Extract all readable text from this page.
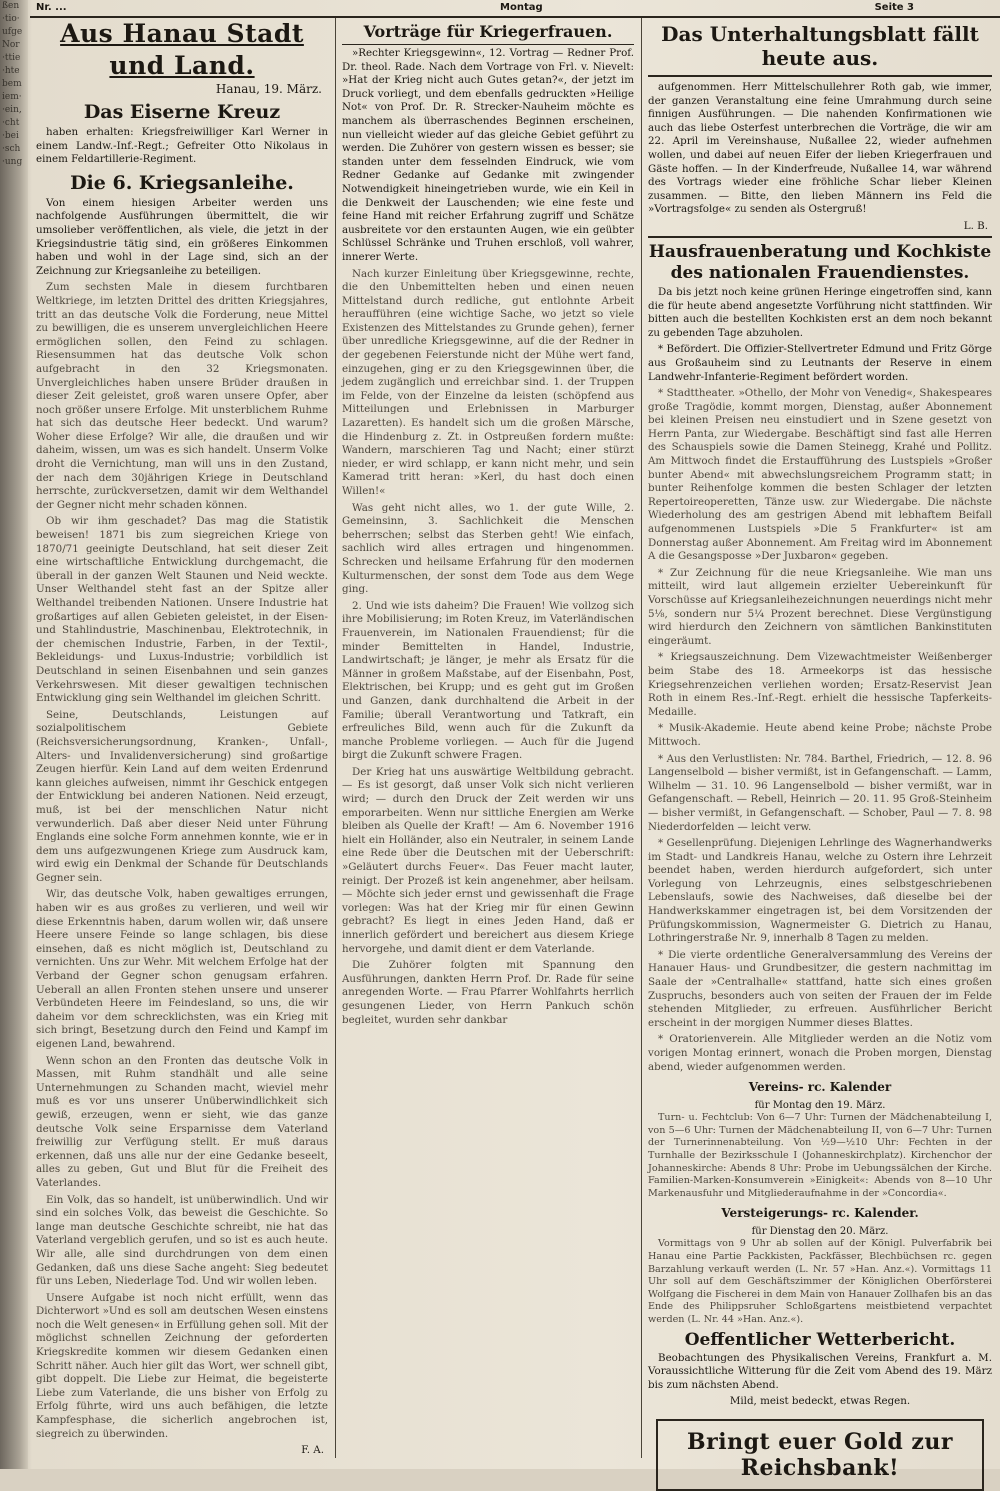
ßen
·tio·
ufge
Nor
·ttie
·hte
bem
iem·
·ein,
·cht
·bei
·sch
·ung
Nr. ...	Montag	Seite 3
Aus Hanau Stadt und Land.
Hanau, 19. März.
Das Eiserne Kreuz

haben erhalten: Kriegsfreiwilliger Karl Werner in einem Landw.-Inf.-Regt.; Gefreiter Otto Nikolaus in einem Feldartillerie-Regiment.

Die 6. Kriegsanleihe.

Von einem hiesigen Arbeiter werden uns nachfolgende Ausführungen übermittelt, die wir umsolieber veröffentlichen, als viele, die jetzt in der Kriegsindustrie tätig sind, ein größeres Einkommen haben und wohl in der Lage sind, sich an der Zeichnung zur Kriegsanleihe zu beteiligen.

Zum sechsten Male in diesem furchtbaren Weltkriege, im letzten Drittel des dritten Kriegsjahres, tritt an das deutsche Volk die Forderung, neue Mittel zu bewilligen, die es unserem unvergleichlichen Heere ermöglichen sollen, den Feind zu schlagen. Riesensummen hat das deutsche Volk schon aufgebracht in den 32 Kriegsmonaten. Unvergleichliches haben unsere Brüder draußen in dieser Zeit geleistet, groß waren unsere Opfer, aber noch größer unsere Erfolge. Mit unsterblichem Ruhme hat sich das deutsche Heer bedeckt. Und warum? Woher diese Erfolge? Wir alle, die draußen und wir daheim, wissen, um was es sich handelt. Unserm Volke droht die Vernichtung, man will uns in den Zustand, der nach dem 30jährigen Kriege in Deutschland herrschte, zurückversetzen, damit wir dem Welthandel der Gegner nicht mehr schaden können.

Ob wir ihm geschadet? Das mag die Statistik beweisen! 1871 bis zum siegreichen Kriege von 1870/71 geeinigte Deutschland, hat seit dieser Zeit eine wirtschaftliche Entwicklung durchgemacht, die überall in der ganzen Welt Staunen und Neid weckte. Unser Welthandel steht fast an der Spitze aller Welthandel treibenden Nationen. Unsere Industrie hat großartiges auf allen Gebieten geleistet, in der Eisen- und Stahlindustrie, Maschinenbau, Elektrotechnik, in der chemischen Industrie, Farben, in der Textil-, Bekleidungs- und Luxus-Industrie; vorbildlich ist Deutschland in seinen Eisenbahnen und sein ganzes Verkehrswesen. Mit dieser gewaltigen technischen Entwicklung ging sein Welthandel im gleichen Schritt.

Seine, Deutschlands, Leistungen auf sozialpolitischem Gebiete (Reichsversicherungsordnung, Kranken-, Unfall-, Alters- und Invalidenversicherung) sind großartige Zeugen hierfür. Kein Land auf dem weiten Erdenrund kann gleiches aufweisen, nimmt ihr Geschick entgegen der Entwicklung bei anderen Nationen. Neid erzeugt, muß, ist bei der menschlichen Natur nicht verwunderlich. Daß aber dieser Neid unter Führung Englands eine solche Form annehmen konnte, wie er in dem uns aufgezwungenen Kriege zum Ausdruck kam, wird ewig ein Denkmal der Schande für Deutschlands Gegner sein.

Wir, das deutsche Volk, haben gewaltiges errungen, haben wir es aus großes zu verlieren, und weil wir diese Erkenntnis haben, darum wollen wir, daß unsere Heere unsere Feinde so lange schlagen, bis diese einsehen, daß es nicht möglich ist, Deutschland zu vernichten. Uns zur Wehr. Mit welchem Erfolge hat der Verband der Gegner schon genugsam erfahren. Ueberall an allen Fronten stehen unsere und unserer Verbündeten Heere im Feindesland, so uns, die wir daheim vor dem schrecklichsten, was ein Krieg mit sich bringt, Besetzung durch den Feind und Kampf im eigenen Land, bewahrend.

Wenn schon an den Fronten das deutsche Volk in Massen, mit Ruhm standhält und alle seine Unternehmungen zu Schanden macht, wieviel mehr muß es vor uns unserer Unüberwindlichkeit sich gewiß, erzeugen, wenn er sieht, wie das ganze deutsche Volk seine Ersparnisse dem Vaterland freiwillig zur Verfügung stellt. Er muß daraus erkennen, daß uns alle nur der eine Gedanke beseelt, alles zu geben, Gut und Blut für die Freiheit des Vaterlandes.

Ein Volk, das so handelt, ist unüberwindlich. Und wir sind ein solches Volk, das beweist die Geschichte. So lange man deutsche Geschichte schreibt, nie hat das Vaterland vergeblich gerufen, und so ist es auch heute. Wir alle, alle sind durchdrungen von dem einen Gedanken, daß uns diese Sache angeht: Sieg bedeutet für uns Leben, Niederlage Tod. Und wir wollen leben.

Unsere Aufgabe ist noch nicht erfüllt, wenn das Dichterwort »Und es soll am deutschen Wesen einstens noch die Welt genesen« in Erfüllung gehen soll. Mit der möglichst schnellen Zeichnung der geforderten Kriegskredite kommen wir diesem Gedanken einen Schritt näher. Auch hier gilt das Wort, wer schnell gibt, gibt doppelt. Die Liebe zur Heimat, die begeisterte Liebe zum Vaterlande, die uns bisher von Erfolg zu Erfolg führte, wird uns auch befähigen, die letzte Kampfesphase, die sicherlich angebrochen ist, siegreich zu überwinden.

F. A.
Vorträge für Kriegerfrauen.

»Rechter Kriegsgewinn«, 12. Vortrag — Redner Prof. Dr. theol. Rade. Nach dem Vortrage von Frl. v. Nievelt: »Hat der Krieg nicht auch Gutes getan?«, der jetzt im Druck vorliegt, und dem ebenfalls gedruckten »Heilige Not« von Prof. Dr. R. Strecker-Nauheim möchte es manchem als überraschendes Beginnen erscheinen, nun vielleicht wieder auf das gleiche Gebiet geführt zu werden. Die Zuhörer von gestern wissen es besser; sie standen unter dem fesselnden Eindruck, wie vom Redner Gedanke auf Gedanke mit zwingender Notwendigkeit hineingetrieben wurde, wie ein Keil in die Denkweit der Lauschenden; wie eine feste und feine Hand mit reicher Erfahrung zugriff und Schätze ausbreitete vor den erstaunten Augen, wie ein geübter Schlüssel Schränke und Truhen erschloß, voll wahrer, innerer Werte.

Nach kurzer Einleitung über Kriegsgewinne, rechte, die den Unbemittelten heben und einen neuen Mittelstand durch redliche, gut entlohnte Arbeit heraufführen (eine wichtige Sache, wo jetzt so viele Existenzen des Mittelstandes zu Grunde gehen), ferner über unredliche Kriegsgewinne, auf die der Redner in der gegebenen Feierstunde nicht der Mühe wert fand, einzugehen, ging er zu den Kriegsgewinnen über, die jedem zugänglich und erreichbar sind. 1. der Truppen im Felde, von der Einzelne da leisten (schöpfend aus Mitteilungen und Erlebnissen in Marburger Lazaretten). Es handelt sich um die großen Märsche, die Hindenburg z. Zt. in Ostpreußen fordern mußte: Wandern, marschieren Tag und Nacht; einer stürzt nieder, er wird schlapp, er kann nicht mehr, und sein Kamerad tritt heran: »Kerl, du hast doch einen Willen!«

Was geht nicht alles, wo 1. der gute Wille, 2. Gemeinsinn, 3. Sachlichkeit die Menschen beherrschen; selbst das Sterben geht! Wie einfach, sachlich wird alles ertragen und hingenommen. Schrecken und heilsame Erfahrung für den modernen Kulturmenschen, der sonst dem Tode aus dem Wege ging.

2. Und wie ists daheim? Die Frauen! Wie vollzog sich ihre Mobilisierung; im Roten Kreuz, im Vaterländischen Frauenverein, im Nationalen Frauendienst; für die minder Bemittelten in Handel, Industrie, Landwirtschaft; je länger, je mehr als Ersatz für die Männer in großem Maßstabe, auf der Eisenbahn, Post, Elektrischen, bei Krupp; und es geht gut im Großen und Ganzen, dank durchhaltend die Arbeit in der Familie; überall Verantwortung und Tatkraft, ein erfreuliches Bild, wenn auch für die Zukunft da manche Probleme vorliegen. — Auch für die Jugend birgt die Zukunft schwere Fragen.

Der Krieg hat uns auswärtige Weltbildung gebracht. — Es ist gesorgt, daß unser Volk sich nicht verlieren wird; — durch den Druck der Zeit werden wir uns emporarbeiten. Wenn nur sittliche Energien am Werke bleiben als Quelle der Kraft! — Am 6. November 1916 hielt ein Holländer, also ein Neutraler, in seinem Lande eine Rede über die Deutschen mit der Ueberschrift: »Geläutert durchs Feuer«. Das Feuer macht lauter, reinigt. Der Prozeß ist kein angenehmer, aber heilsam. — Möchte sich jeder ernst und gewissenhaft die Frage vorlegen: Was hat der Krieg mir für einen Gewinn gebracht? Es liegt in eines Jeden Hand, daß er innerlich gefördert und bereichert aus diesem Kriege hervorgehe, und damit dient er dem Vaterlande.

Die Zuhörer folgten mit Spannung den Ausführungen, dankten Herrn Prof. Dr. Rade für seine anregenden Worte. — Frau Pfarrer Wohlfahrts herrlich gesungenen Lieder, von Herrn Pankuch schön begleitet, wurden sehr dankbar

Das Unterhaltungsblatt fällt heute aus.

aufgenommen. Herr Mittelschullehrer Roth gab, wie immer, der ganzen Veranstaltung eine feine Umrahmung durch seine finnigen Ausführungen. — Die nahenden Konfirmationen wie auch das liebe Osterfest unterbrechen die Vorträge, die wir am 22. April im Vereinshause, Nußallee 22, wieder aufnehmen wollen, und dabei auf neuen Eifer der lieben Kriegerfrauen und Gäste hoffen. — In der Kinderfreude, Nußallee 14, war während des Vortrags wieder eine fröhliche Schar lieber Kleinen zusammen. — Bitte, den lieben Männern ins Feld die »Vortragsfolge« zu senden als Ostergruß!

L. B.
Hausfrauenberatung und Kochkiste des nationalen Frauendienstes.

Da bis jetzt noch keine grünen Heringe eingetroffen sind, kann die für heute abend angesetzte Vorführung nicht stattfinden. Wir bitten auch die bestellten Kochkisten erst an dem noch bekannt zu gebenden Tage abzuholen.

* Befördert. Die Offizier-Stellvertreter Edmund und Fritz Görge aus Großauheim sind zu Leutnants der Reserve in einem Landwehr-Infanterie-Regiment befördert worden.

* Stadttheater. »Othello, der Mohr von Venedig«, Shakespeares große Tragödie, kommt morgen, Dienstag, außer Abonnement bei kleinen Preisen neu einstudiert und in Szene gesetzt von Herrn Panta, zur Wiedergabe. Beschäftigt sind fast alle Herren des Schauspiels sowie die Damen Steinegg, Krahé und Pollitz. Am Mittwoch findet die Erstaufführung des Lustspiels »Großer bunter Abend« mit abwechslungsreichem Programm statt; in bunter Reihenfolge kommen die besten Schlager der letzten Repertoireoperetten, Tänze usw. zur Wiedergabe. Die nächste Wiederholung des am gestrigen Abend mit lebhaftem Beifall aufgenommenen Lustspiels »Die 5 Frankfurter« ist am Donnerstag außer Abonnement. Am Freitag wird im Abonnement A die Gesangsposse »Der Juxbaron« gegeben.

* Zur Zeichnung für die neue Kriegsanleihe. Wie man uns mitteilt, wird laut allgemein erzielter Uebereinkunft für Vorschüsse auf Kriegsanleihezeichnungen neuerdings nicht mehr 5⅛, sondern nur 5¼ Prozent berechnet. Diese Vergünstigung wird hierdurch den Zeichnern von sämtlichen Bankinstituten eingeräumt.

* Kriegsauszeichnung. Dem Vizewachtmeister Weißenberger beim Stabe des 18. Armeekorps ist das hessische Kriegsehrenzeichen verliehen worden; Ersatz-Reservist Jean Roth in einem Res.-Inf.-Regt. erhielt die hessische Tapferkeits-Medaille.

* Musik-Akademie. Heute abend keine Probe; nächste Probe Mittwoch.

* Aus den Verlustlisten: Nr. 784. Barthel, Friedrich, — 12. 8. 96 Langenselbold — bisher vermißt, ist in Gefangenschaft. — Lamm, Wilhelm — 31. 10. 96 Langenselbold — bisher vermißt, war in Gefangenschaft. — Rebell, Heinrich — 20. 11. 95 Groß-Steinheim — bisher vermißt, in Gefangenschaft. — Schober, Paul — 7. 8. 98 Niederdorfelden — leicht verw.

* Gesellenprüfung. Diejenigen Lehrlinge des Wagnerhandwerks im Stadt- und Landkreis Hanau, welche zu Ostern ihre Lehrzeit beendet haben, werden hierdurch aufgefordert, sich unter Vorlegung von Lehrzeugnis, eines selbstgeschriebenen Lebenslaufs, sowie des Nachweises, daß dieselbe bei der Handwerkskammer eingetragen ist, bei dem Vorsitzenden der Prüfungskommission, Wagnermeister G. Dietrich zu Hanau, Lothringerstraße Nr. 9, innerhalb 8 Tagen zu melden.

* Die vierte ordentliche Generalversammlung des Vereins der Hanauer Haus- und Grundbesitzer, die gestern nachmittag im Saale der »Centralhalle« stattfand, hatte sich eines großen Zuspruchs, besonders auch von seiten der Frauen der im Felde stehenden Mitglieder, zu erfreuen. Ausführlicher Bericht erscheint in der morgigen Nummer dieses Blattes.

* Oratorienverein. Alle Mitglieder werden an die Notiz vom vorigen Montag erinnert, wonach die Proben morgen, Dienstag abend, wieder aufgenommen werden.

Vereins- rc. Kalender
für Montag den 19. März.

Turn- u. Fechtclub: Von 6—7 Uhr: Turnen der Mädchenabteilung I, von 5—6 Uhr: Turnen der Mädchenabteilung II, von 6—7 Uhr: Turnen der Turnerinnenabteilung. Von ½9—½10 Uhr: Fechten in der Turnhalle der Bezirksschule I (Johanneskirchplatz). Kirchenchor der Johanneskirche: Abends 8 Uhr: Probe im Uebungssälchen der Kirche. Familien-Marken-Konsumverein »Einigkeit«: Abends von 8—10 Uhr Markenausfuhr und Mitgliederaufnahme in der »Concordia«.

Versteigerungs- rc. Kalender.
für Dienstag den 20. März.

Vormittags von 9 Uhr ab sollen auf der Königl. Pulverfabrik bei Hanau eine Partie Packkisten, Packfässer, Blechbüchsen rc. gegen Barzahlung verkauft werden (L. Nr. 57 »Han. Anz.«). Vormittags 11 Uhr soll auf dem Geschäftszimmer der Königlichen Oberförsterei Wolfgang die Fischerei in dem Main von Hanauer Zollhafen bis an das Ende des Philippsruher Schloßgartens meistbietend verpachtet werden (L. Nr. 44 »Han. Anz.«).

Oeffentlicher Wetterbericht.

Beobachtungen des Physikalischen Vereins, Frankfurt a. M. Voraussichtliche Witterung für die Zeit vom Abend des 19. März bis zum nächsten Abend.

Mild, meist bedeckt, etwas Regen.

Bringt euer Gold zur Reichsbank!
